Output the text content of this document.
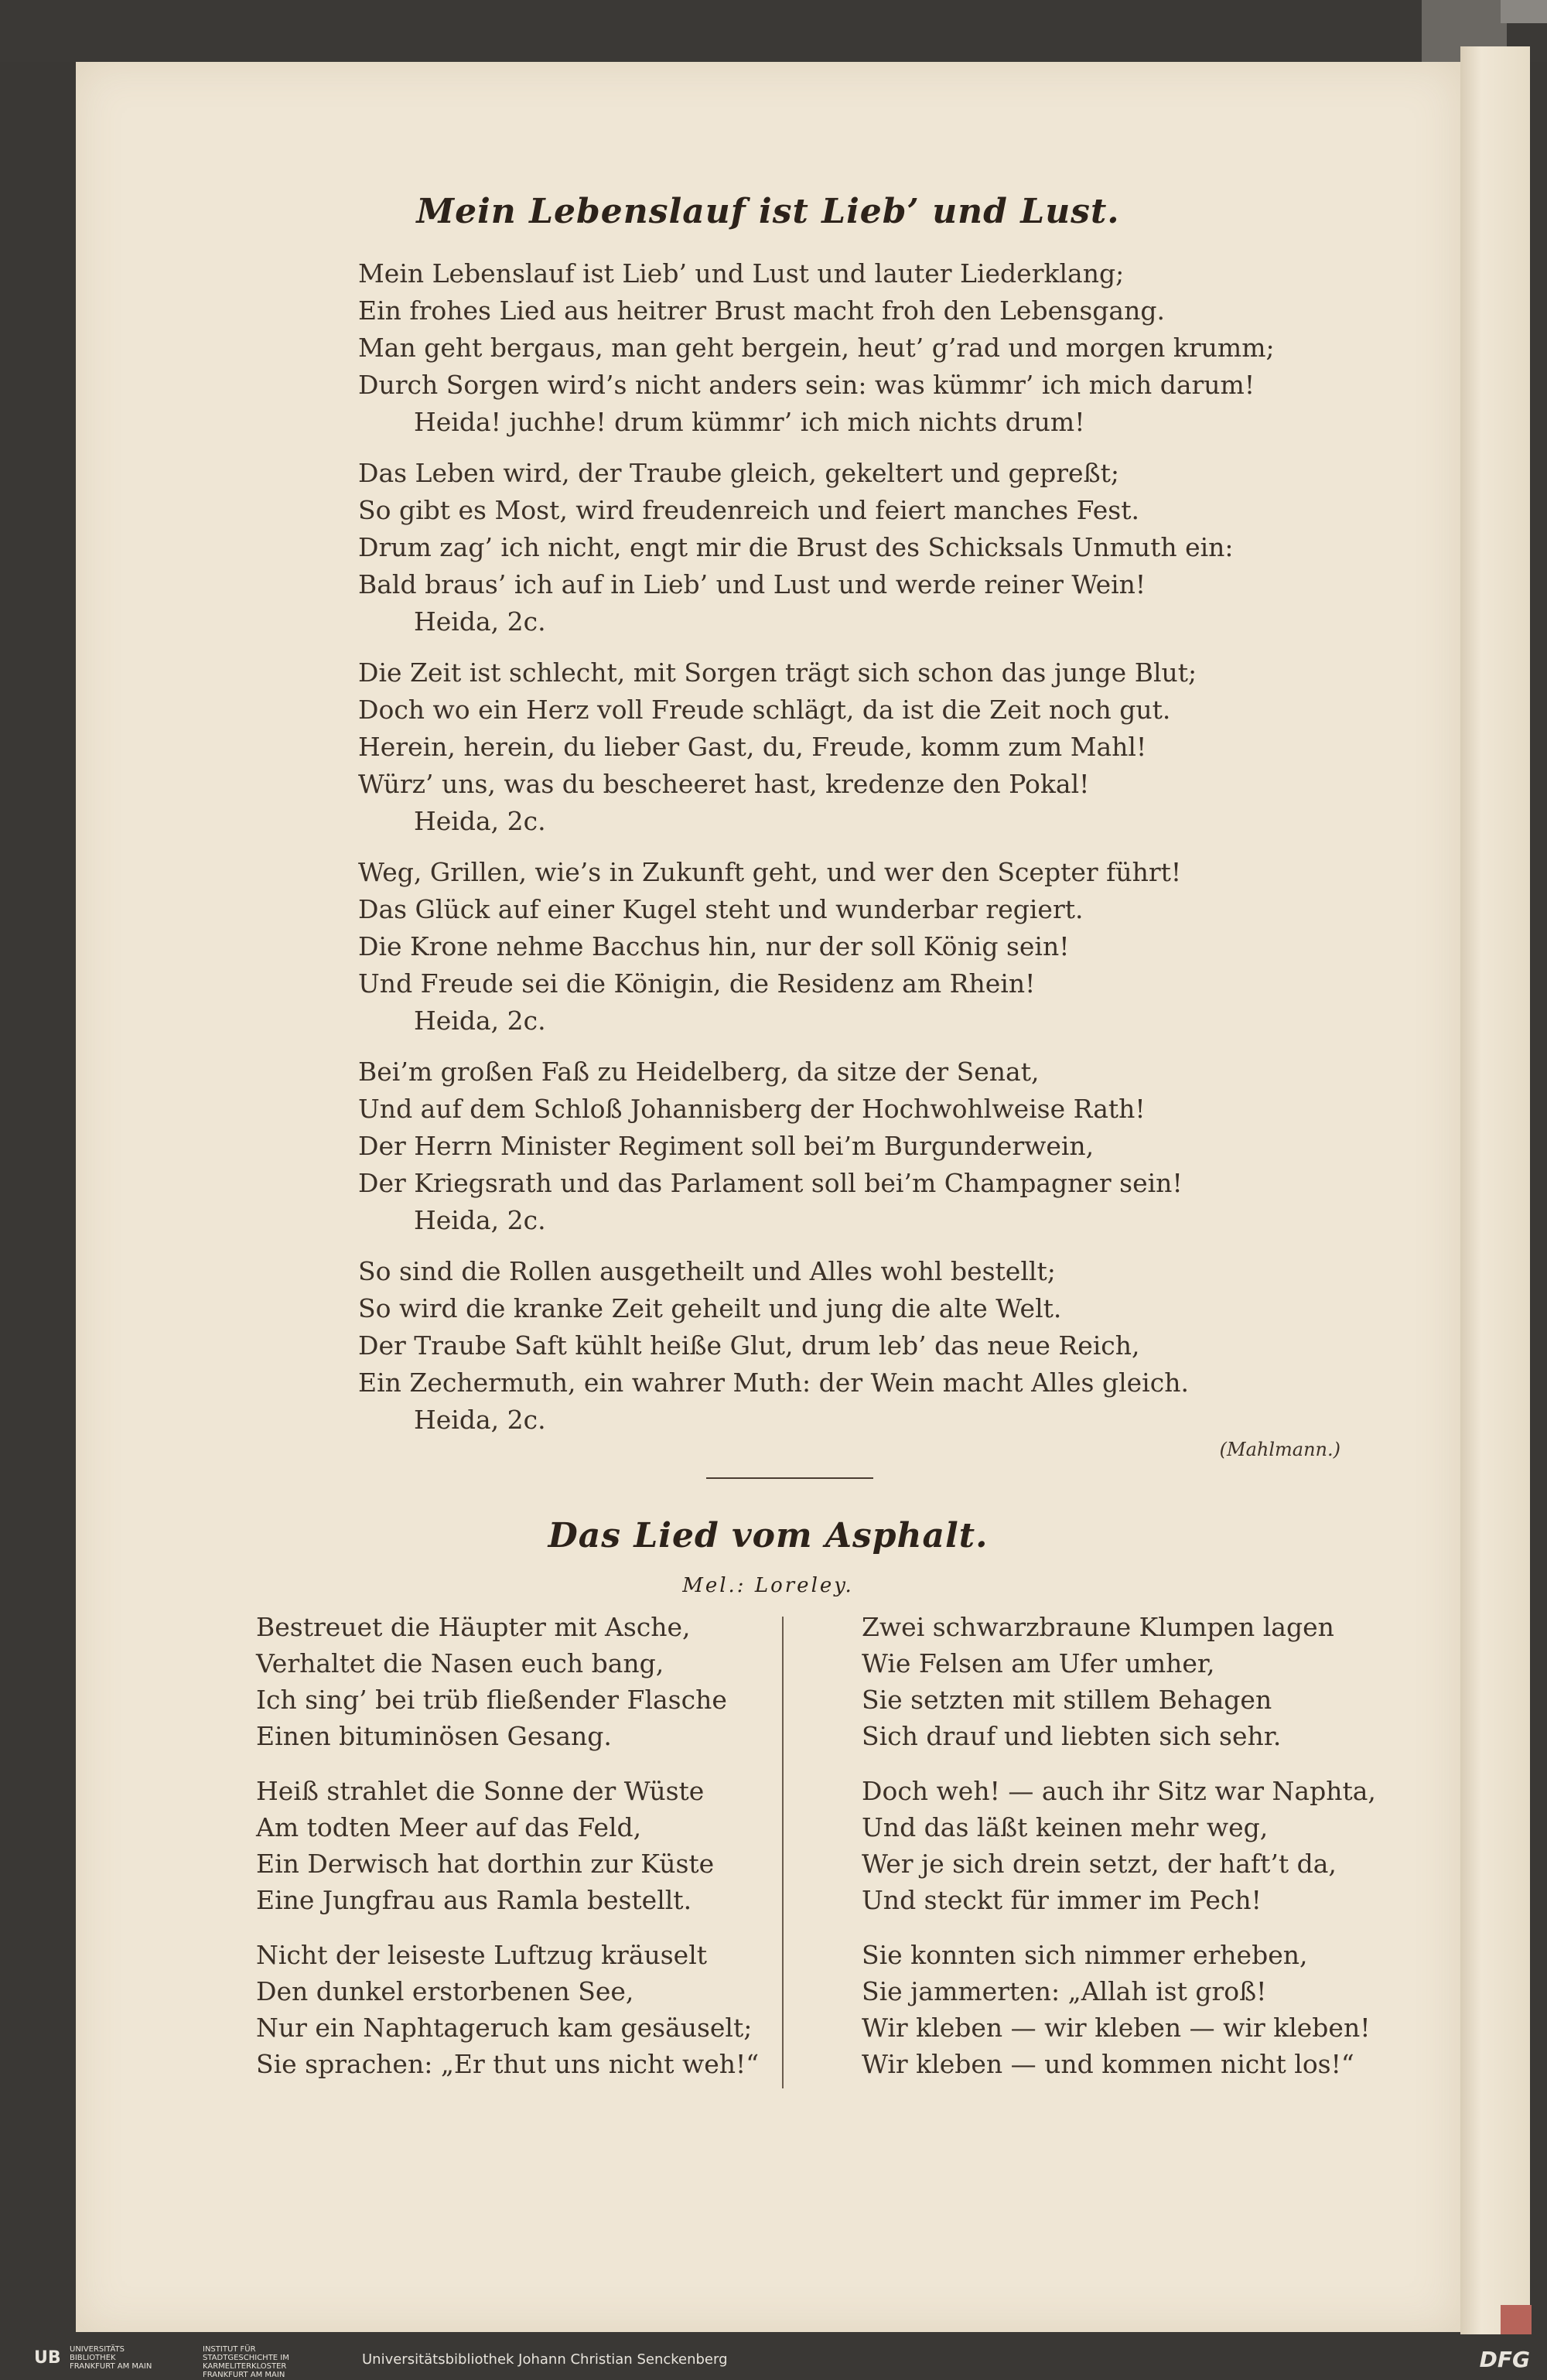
Mein Lebenslauf ist Lieb’ und Lust.
Mein Lebenslauf ist Lieb’ und Lust und lauter Liederklang;
Ein frohes Lied aus heitrer Brust macht froh den Lebensgang.
Man geht bergaus, man geht bergein, heut’ g’rad und morgen krumm;
Durch Sorgen wird’s nicht anders sein: was kümmr’ ich mich darum!
Heida! juchhe! drum kümmr’ ich mich nichts drum!
Das Leben wird, der Traube gleich, gekeltert und gepreßt;
So gibt es Most, wird freudenreich und feiert manches Fest.
Drum zag’ ich nicht, engt mir die Brust des Schicksals Unmuth ein:
Bald braus’ ich auf in Lieb’ und Lust und werde reiner Wein!
Heida, 2c.
Die Zeit ist schlecht, mit Sorgen trägt sich schon das junge Blut;
Doch wo ein Herz voll Freude schlägt, da ist die Zeit noch gut.
Herein, herein, du lieber Gast, du, Freude, komm zum Mahl!
Würz’ uns, was du bescheeret hast, kredenze den Pokal!
Heida, 2c.
Weg, Grillen, wie’s in Zukunft geht, und wer den Scepter führt!
Das Glück auf einer Kugel steht und wunderbar regiert.
Die Krone nehme Bacchus hin, nur der soll König sein!
Und Freude sei die Königin, die Residenz am Rhein!
Heida, 2c.
Bei’m großen Faß zu Heidelberg, da sitze der Senat,
Und auf dem Schloß Johannisberg der Hochwohlweise Rath!
Der Herrn Minister Regiment soll bei’m Burgunderwein,
Der Kriegsrath und das Parlament soll bei’m Champagner sein!
Heida, 2c.
So sind die Rollen ausgetheilt und Alles wohl bestellt;
So wird die kranke Zeit geheilt und jung die alte Welt.
Der Traube Saft kühlt heiße Glut, drum leb’ das neue Reich,
Ein Zechermuth, ein wahrer Muth: der Wein macht Alles gleich.
Heida, 2c.
(Mahlmann.)
Das Lied vom Asphalt.
Mel.: Loreley.
Bestreuet die Häupter mit Asche,
Verhaltet die Nasen euch bang,
Ich sing’ bei trüb fließender Flasche
Einen bituminösen Gesang.
Heiß strahlet die Sonne der Wüste
Am todten Meer auf das Feld,
Ein Derwisch hat dorthin zur Küste
Eine Jungfrau aus Ramla bestellt.
Nicht der leiseste Luftzug kräuselt
Den dunkel erstorbenen See,
Nur ein Naphtageruch kam gesäuselt;
Sie sprachen: „Er thut uns nicht weh!“
Zwei schwarzbraune Klumpen lagen
Wie Felsen am Ufer umher,
Sie setzten mit stillem Behagen
Sich drauf und liebten sich sehr.
Doch weh! — auch ihr Sitz war Naphta,
Und das läßt keinen mehr weg,
Wer je sich drein setzt, der haft’t da,
Und steckt für immer im Pech!
Sie konnten sich nimmer erheben,
Sie jammerten: „Allah ist groß!
Wir kleben — wir kleben — wir kleben!
Wir kleben — und kommen nicht los!“
UB UNIVERSITÄTS BIBLIOTHEK FRANKFURT AM MAIN
INSTITUT FÜR STADTGESCHICHTE IM KARMELITERKLOSTER FRANKFURT AM MAIN
Universitätsbibliothek Johann Christian Senckenberg	DFG
